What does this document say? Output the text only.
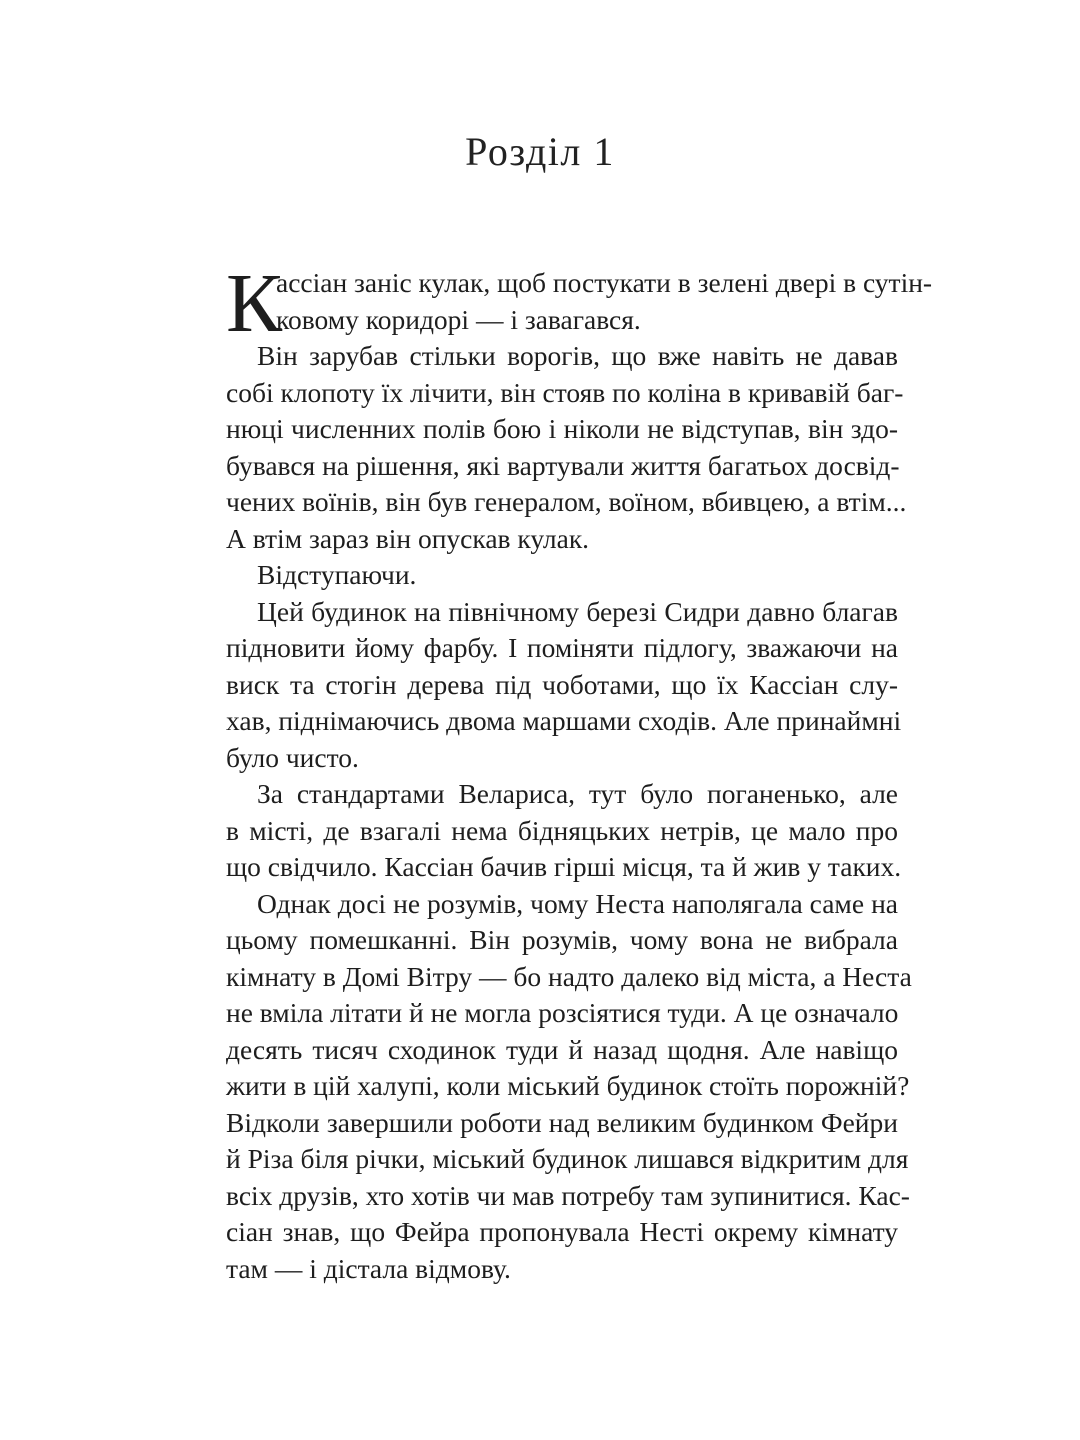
Розділ 1
К
ассіан заніс кулак, щоб постукати в зелені двері в сутін-
ковому коридорі — і завагався.
Він зарубав стільки ворогів, що вже навіть не давав
собі клопоту їх лічити, він стояв по коліна в кривавій баг-
нюці численних полів бою і ніколи не відступав, він здо-
бувався на рішення, які вартували життя багатьох досвід-
чених воїнів, він був генералом, воїном, вбивцею, а втім...
А втім зараз він опускав кулак.
Відступаючи.
Цей будинок на північному березі Сидри давно благав
підновити йому фарбу. І поміняти підлогу, зважаючи на
виск та стогін дерева під чоботами, що їх Кассіан слу-
хав, піднімаючись двома маршами сходів. Але принаймні
було чисто.
За стандартами Велариса, тут було поганенько, але
в місті, де взагалі нема бідняцьких нетрів, це мало про
що свідчило. Кассіан бачив гірші місця, та й жив у таких.
Однак досі не розумів, чому Неста наполягала саме на
цьому помешканні. Він розумів, чому вона не вибрала
кімнату в Домі Вітру — бо надто далеко від міста, а Неста
не вміла літати й не могла розсіятися туди. А це означало
десять тисяч сходинок туди й назад щодня. Але навіщо
жити в цій халупі, коли міський будинок стоїть порожній?
Відколи завершили роботи над великим будинком Фейри
й Різа біля річки, міський будинок лишався відкритим для
всіх друзів, хто хотів чи мав потребу там зупинитися. Кас-
сіан знав, що Фейра пропонувала Несті окрему кімнату
там — і дістала відмову.
